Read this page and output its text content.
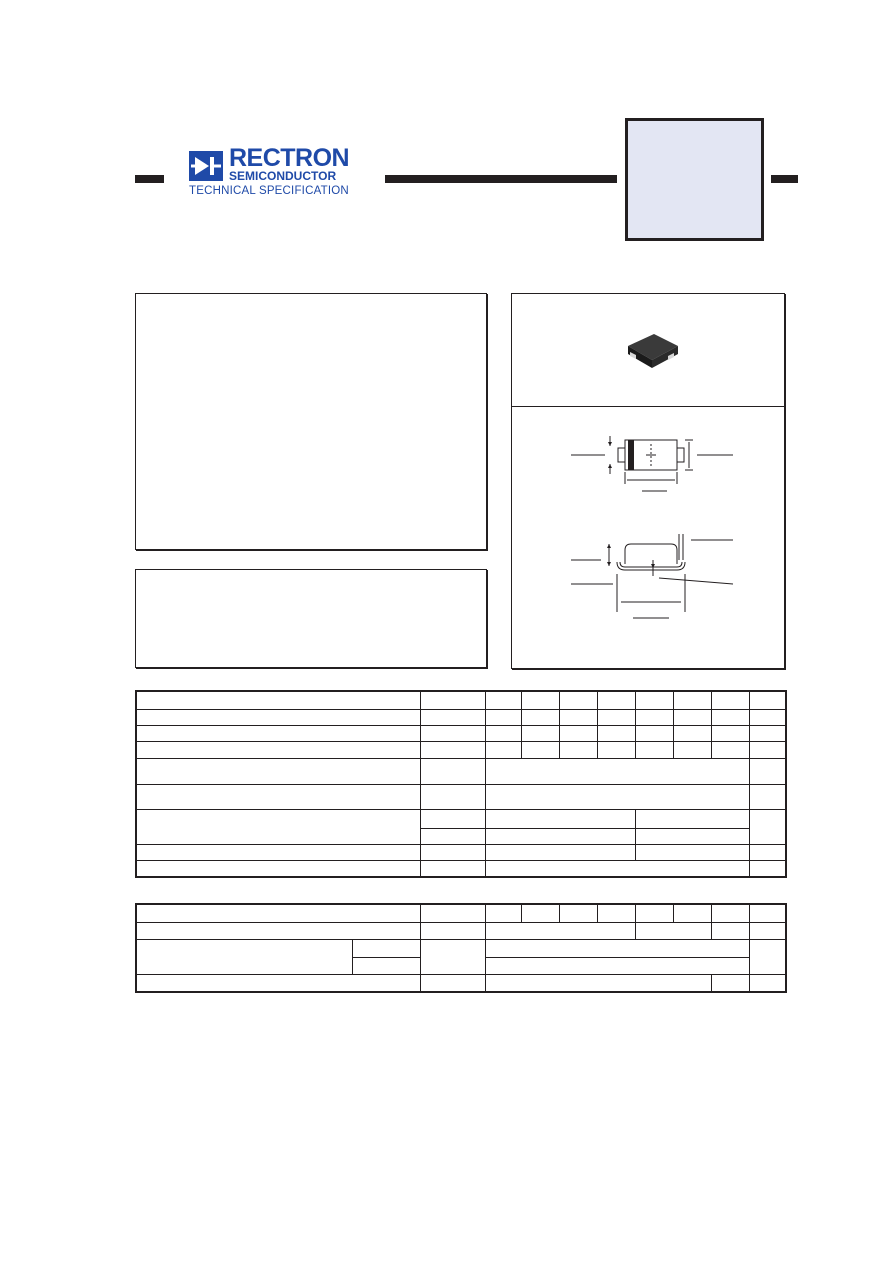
RECTRON
SEMICONDUCTOR
TECHNICAL SPECIFICATION
